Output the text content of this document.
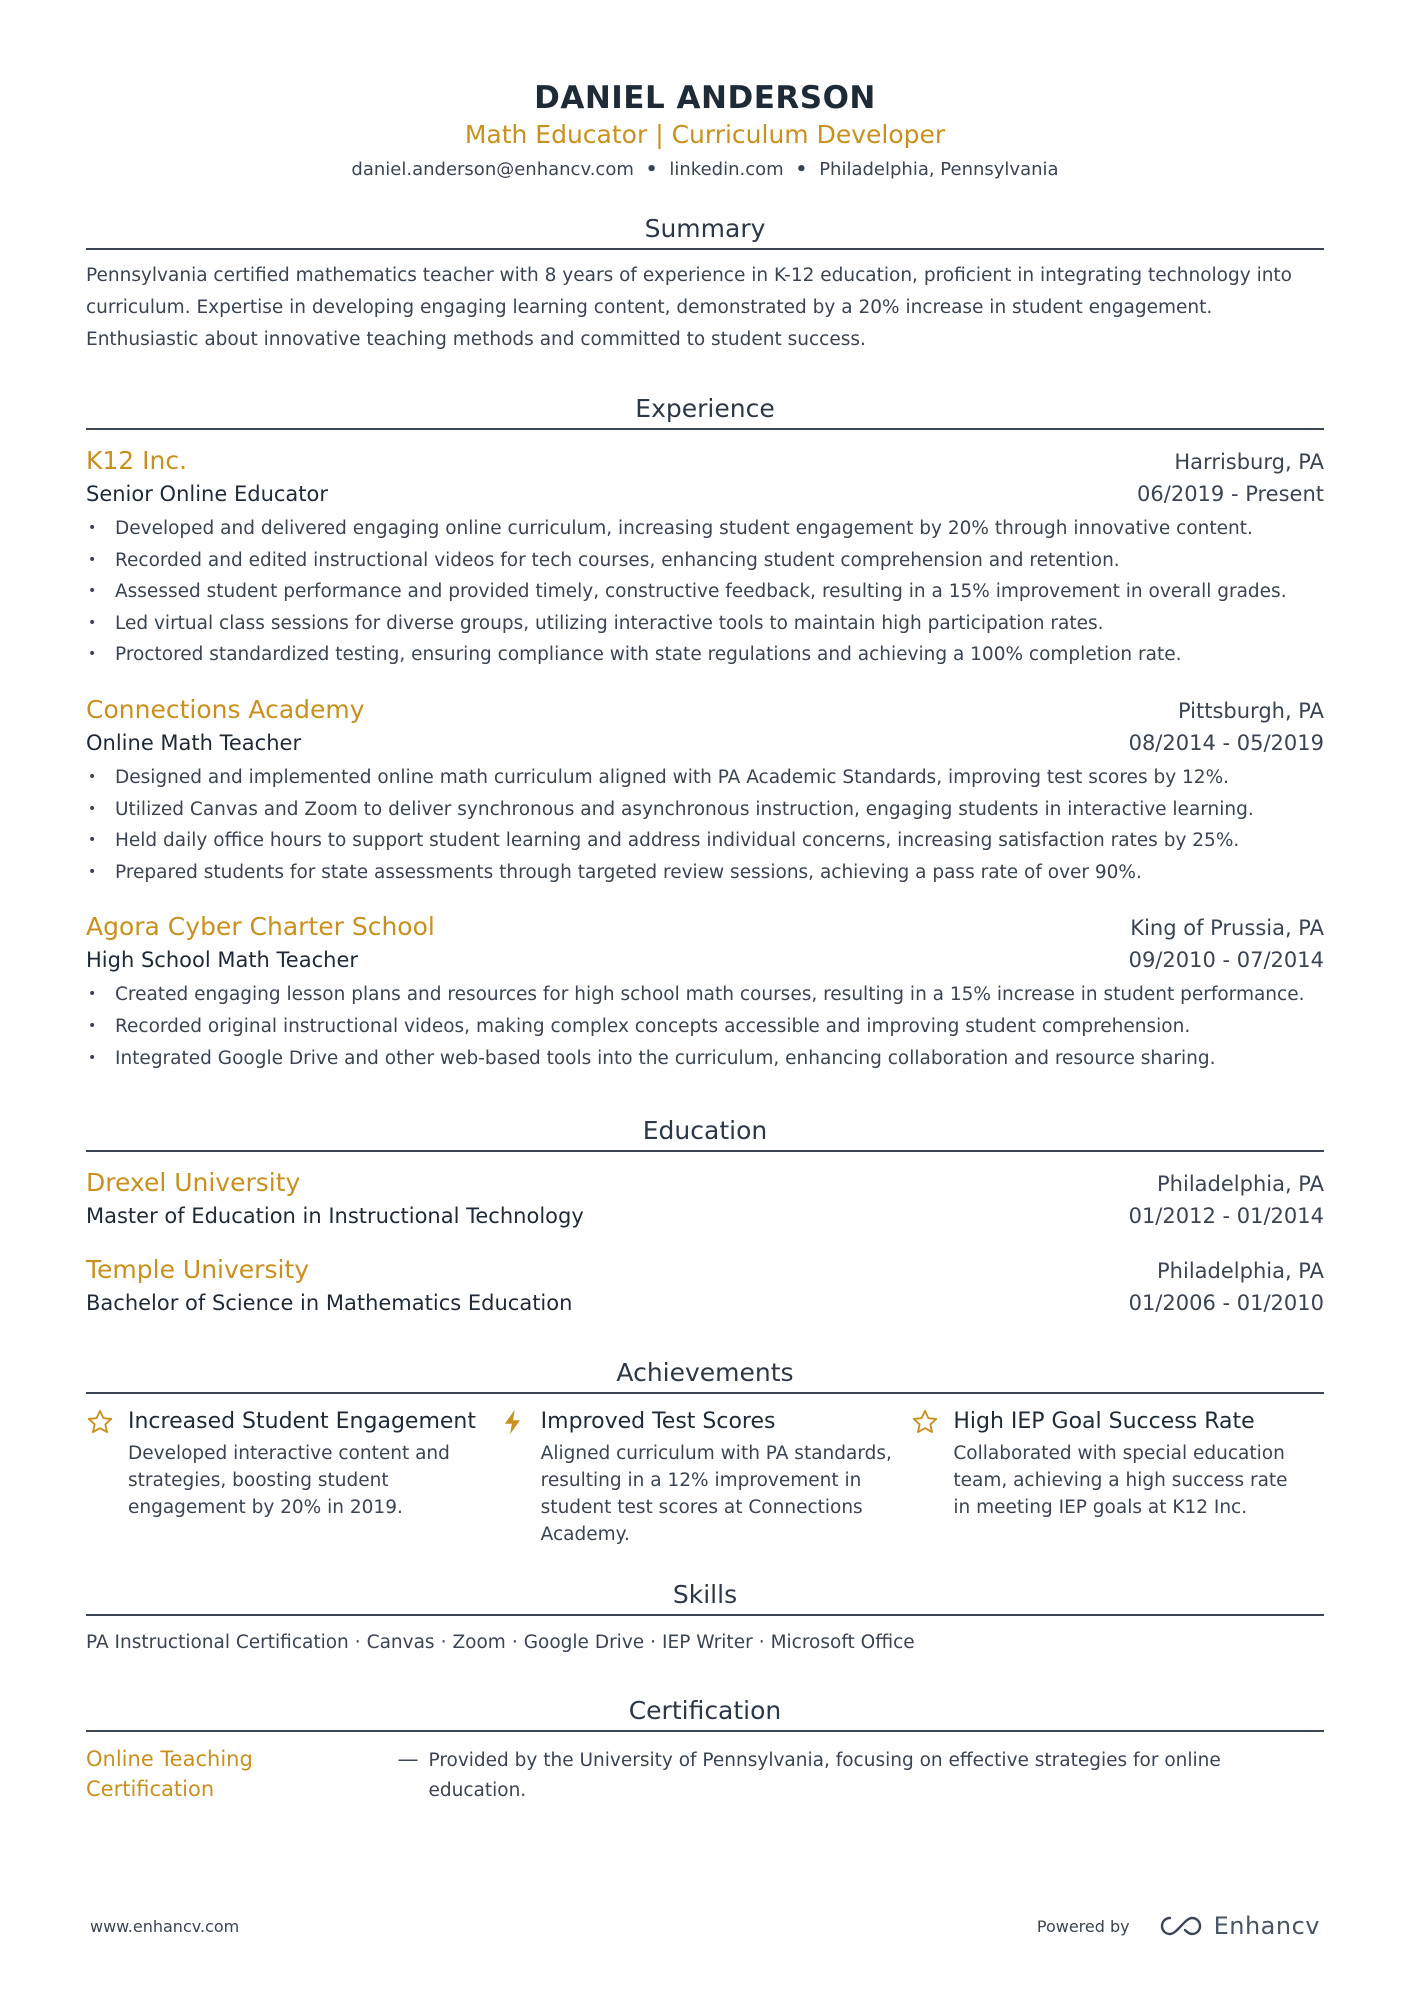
DANIEL ANDERSON
Math Educator | Curriculum Developer
daniel.anderson@enhancv.com • linkedin.com • Philadelphia, Pennsylvania
Summary
Pennsylvania certified mathematics teacher with 8 years of experience in K-12 education, proficient in integrating technology into curriculum. Expertise in developing engaging learning content, demonstrated by a 20% increase in student engagement. Enthusiastic about innovative teaching methods and committed to student success.
Experience
K12 Inc.	Harrisburg, PA
Senior Online Educator	06/2019 - Present
• Developed and delivered engaging online curriculum, increasing student engagement by 20% through innovative content.
• Recorded and edited instructional videos for tech courses, enhancing student comprehension and retention.
• Assessed student performance and provided timely, constructive feedback, resulting in a 15% improvement in overall grades.
• Led virtual class sessions for diverse groups, utilizing interactive tools to maintain high participation rates.
• Proctored standardized testing, ensuring compliance with state regulations and achieving a 100% completion rate.
Connections Academy	Pittsburgh, PA
Online Math Teacher	08/2014 - 05/2019
• Designed and implemented online math curriculum aligned with PA Academic Standards, improving test scores by 12%.
• Utilized Canvas and Zoom to deliver synchronous and asynchronous instruction, engaging students in interactive learning.
• Held daily office hours to support student learning and address individual concerns, increasing satisfaction rates by 25%.
• Prepared students for state assessments through targeted review sessions, achieving a pass rate of over 90%.
Agora Cyber Charter School	King of Prussia, PA
High School Math Teacher	09/2010 - 07/2014
• Created engaging lesson plans and resources for high school math courses, resulting in a 15% increase in student performance.
• Recorded original instructional videos, making complex concepts accessible and improving student comprehension.
• Integrated Google Drive and other web-based tools into the curriculum, enhancing collaboration and resource sharing.
Education
Drexel University	Philadelphia, PA
Master of Education in Instructional Technology	01/2012 - 01/2014
Temple University	Philadelphia, PA
Bachelor of Science in Mathematics Education	01/2006 - 01/2010
Achievements
Increased Student Engagement
Developed interactive content and strategies, boosting student engagement by 20% in 2019.
Improved Test Scores
Aligned curriculum with PA standards, resulting in a 12% improvement in student test scores at Connections Academy.
High IEP Goal Success Rate
Collaborated with special education team, achieving a high success rate in meeting IEP goals at K12 Inc.
Skills
PA Instructional Certification · Canvas · Zoom · Google Drive · IEP Writer · Microsoft Office
Certification
Online Teaching Certification
— Provided by the University of Pennsylvania, focusing on effective strategies for online education.
www.enhancv.com	Powered by	Enhancv
